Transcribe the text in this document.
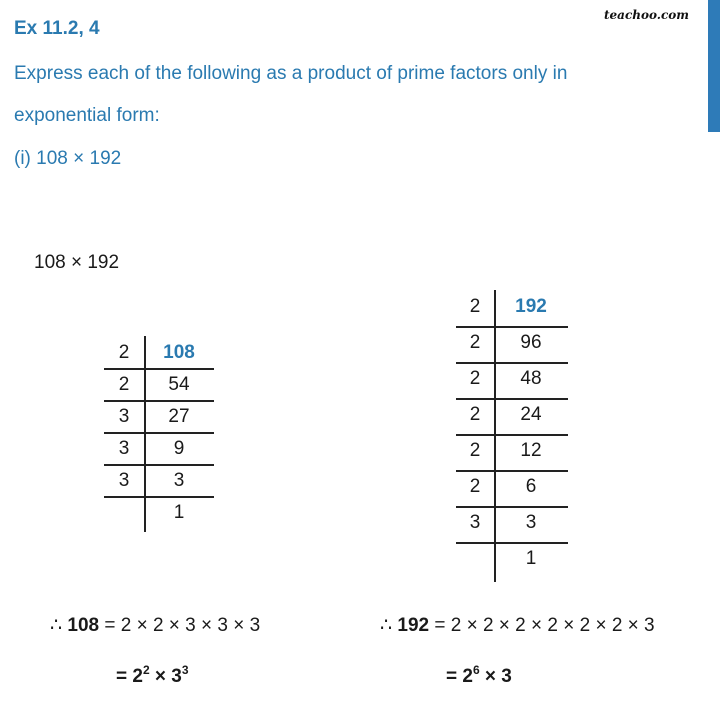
Ex 11.2, 4
teachoo.com
Express each of the following as a product of prime factors only in
exponential form:
(i) 108 × 192
108 × 192
2	108
2	54
3	27
3	9
3	3
1
2	192
2	96
2	48
2	24
2	12
2	6
3	3
1
∴ 108 = 2 × 2 × 3 × 3 × 3
= $2^2 \times 3^3$
∴ 192 = 2 × 2 × 2 × 2 × 2 × 2 × 3
= $2^6 \times 3$
